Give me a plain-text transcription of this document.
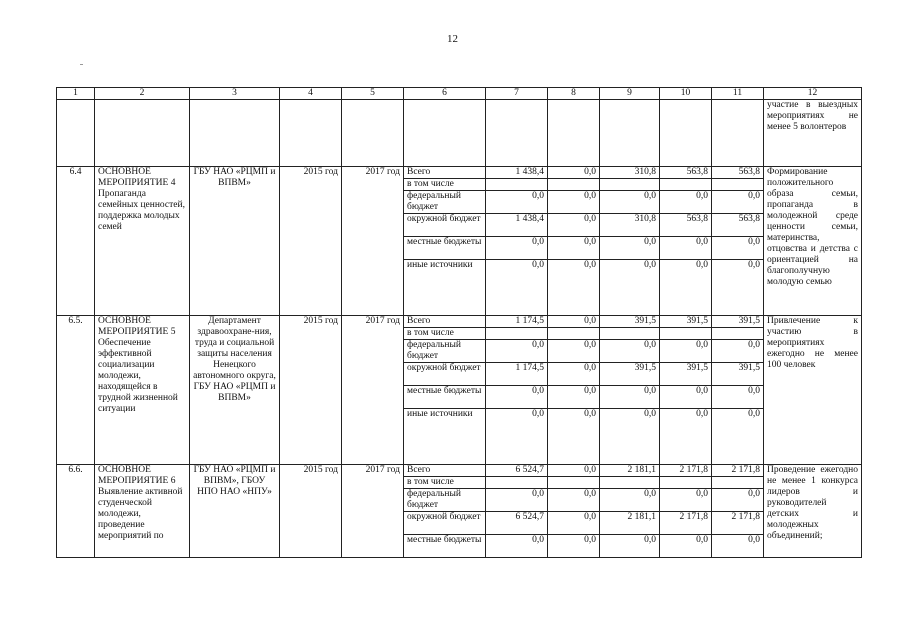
12
1	2	3	4	5	6	7	8	9	10	11	12
											участие в выездных мероприятиях не менее 5 волонтеров
6.4	ОСНОВНОЕ МЕРОПРИЯТИЕ 4 Пропаганда семейных ценностей, поддержка молодых семей	ГБУ НАО «РЦМП и ВПВМ»	2015 год	2017 год	Всего	1 438,4	0,0	310,8	563,8	563,8	Формирование положительного образа семьи, пропаганда в молодежной среде ценности семьи, материнства, отцовства и детства с ориентацией на благополучную молодую семью
					в том числе						
					федеральный бюджет	0,0	0,0	0,0	0,0	0,0	
					окружной бюджет	1 438,4	0,0	310,8	563,8	563,8	
					местные бюджеты	0,0	0,0	0,0	0,0	0,0	
					иные источники	0,0	0,0	0,0	0,0	0,0	
6.5.	ОСНОВНОЕ МЕРОПРИЯТИЕ 5 Обеспечение эффективной социализации молодежи, находящейся в трудной жизненной ситуации	Департамент здравоохране-ния, труда и социальной защиты населения Ненецкого автономного округа, ГБУ НАО «РЦМП и ВПВМ»	2015 год	2017 год	Всего	1 174,5	0,0	391,5	391,5	391,5	Привлечение к участию в мероприятиях ежегодно не менее 100 человек
					в том числе						
					федеральный бюджет	0,0	0,0	0,0	0,0	0,0	
					окружной бюджет	1 174,5	0,0	391,5	391,5	391,5	
					местные бюджеты	0,0	0,0	0,0	0,0	0,0	
					иные источники	0,0	0,0	0,0	0,0	0,0	
6.6.	ОСНОВНОЕ МЕРОПРИЯТИЕ 6 Выявление активной студенческой молодежи, проведение мероприятий по	ГБУ НАО «РЦМП и ВПВМ», ГБОУ НПО НАО «НПУ»	2015 год	2017 год	Всего	6 524,7	0,0	2 181,1	2 171,8	2 171,8	Проведение ежегодно не менее 1 конкурса лидеров и руководителей детских и молодежных объединений;
					в том числе						
					федеральный бюджет	0,0	0,0	0,0	0,0	0,0	
					окружной бюджет	6 524,7	0,0	2 181,1	2 171,8	2 171,8	
					местные бюджеты	0,0	0,0	0,0	0,0	0,0	
